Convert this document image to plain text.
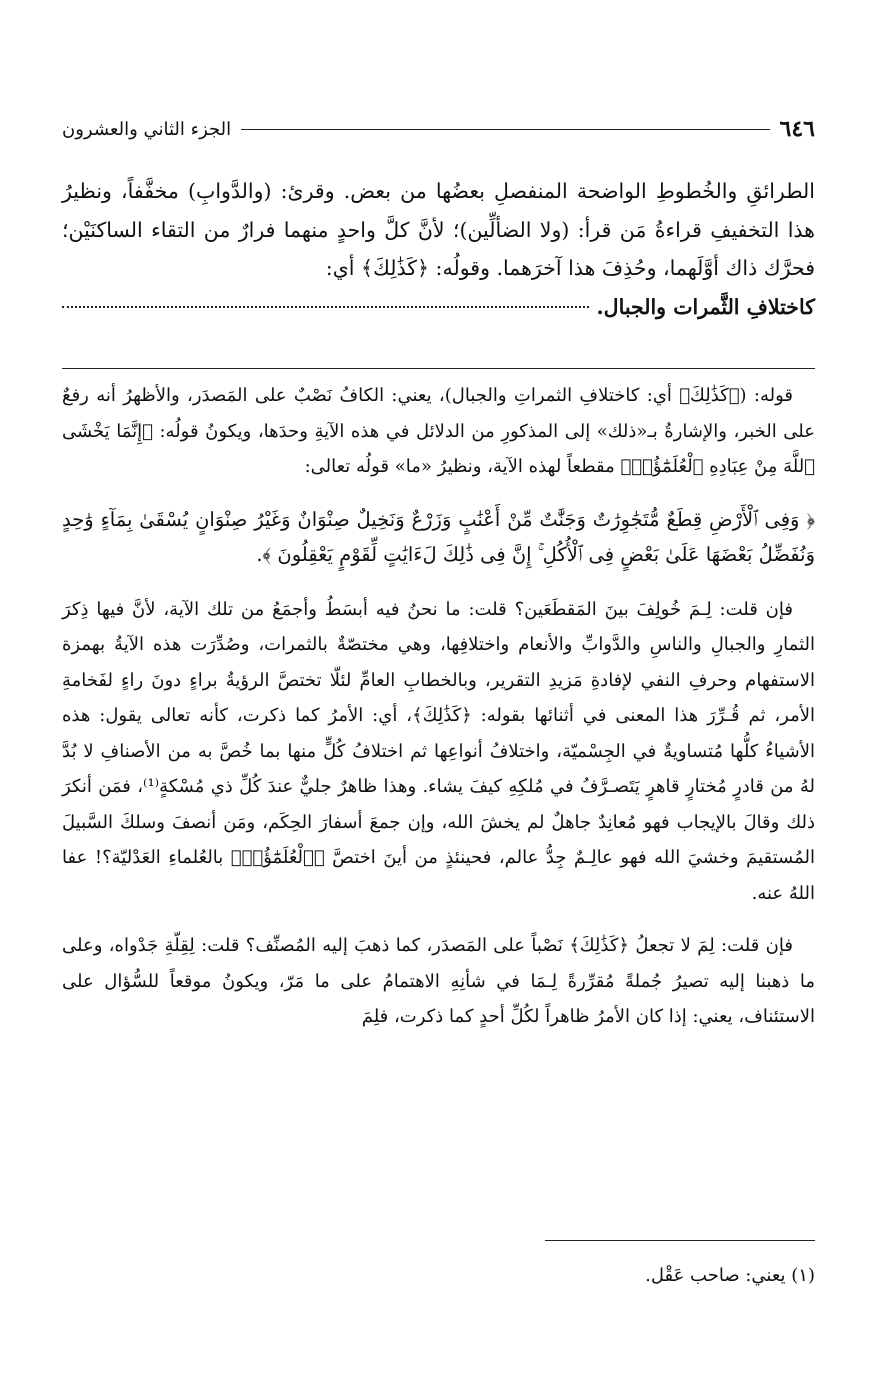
٦٤٦
الجزء الثاني والعشرون

الطرائقِ والخُطوطِ الواضحة المنفصلِ بعضُها من بعض. وقرئ: (والدَّوابِ) مخفَّفاً، ونظيرُ هذا التخفيفِ قراءةُ مَن قرأ: (ولا الضألِّين)؛ لأنَّ كلَّ واحدٍ منهما فرارٌ من التقاء الساكنَيْن؛ فحرَّك ذاك أوَّلَهما، وحُذِفَ هذا آخرَهما. وقولُه: ﴿كَذَٰلِكَ﴾ أي:

كاختلافِ الثَّمرات والجبال.

قوله: (﴿كَذَٰلِكَ﴾ أي: كاختلافِ الثمراتِ والجبال)، يعني: الكافُ نَصْبٌ على المَصدَر، والأظهرُ أنه رفعٌ على الخبر، والإشارةُ بـ«ذلك» إلى المذكورِ من الدلائل في هذه الآيةِ وحدَها، ويكونُ قولُه: ﴿إِنَّمَا يَخْشَى ٱللَّهَ مِنْ عِبَادِهِ ٱلْعُلَمَٰٓؤُا۟﴾ مقطعاً لهذه الآية، ونظيرُ «ما» قولُه تعالى:

﴿ وَفِى ٱلْأَرْضِ قِطَعٌ مُّتَجَٰوِرَٰتٌ وَجَنَّٰتٌ مِّنْ أَعْنَٰبٍ وَزَرْعٌ وَنَخِيلٌ صِنْوَانٌ وَغَيْرُ صِنْوَانٍ يُسْقَىٰ بِمَآءٍ وَٰحِدٍ وَنُفَضِّلُ بَعْضَهَا عَلَىٰ بَعْضٍ فِى ٱلْأُكُلِ ۚ إِنَّ فِى ذَٰلِكَ لَءَايَٰتٍ لِّقَوْمٍ يَعْقِلُونَ ﴾.

فإن قلت: لِـمَ خُولِفَ بينَ المَقطَعَين؟ قلت: ما نحنُ فيه أبسَطُ وأجمَعُ من تلك الآية، لأنَّ فيها ذِكرَ الثمارِ والجبالِ والناسِ والدَّوابِّ والأنعام واختلافِها، وهي مختصّةٌ بالثمرات، وصُدِّرَت هذه الآيةُ بهمزة الاستفهام وحرفِ النفي لإفادةِ مَزيدِ التقرير، وبالخطابِ العامِّ لئلّا تختصَّ الرؤيةُ براءٍ دونَ راءٍ لفَخامةِ الأمر، ثم قُـرِّرَ هذا المعنى في أثنائها بقوله: ﴿كَذَٰلِكَ﴾، أي: الأمرُ كما ذكرت، كأنه تعالى يقول: هذه الأشياءُ كلُّها مُتساويةٌ في الجِسْميّة، واختلافُ أنواعِها ثم اختلافُ كُلٍّ منها بما خُصَّ به من الأصنافِ لا بُدَّ لهُ من قادرٍ مُختارٍ قاهرٍ يَتَصـرَّفُ في مُلكِهِ كيفَ يشاء. وهذا ظاهرٌ جليٌّ عندَ كُلِّ ذي مُسْكةٍ⁽¹⁾، فمَن أنكرَ ذلك وقالَ بالإيجاب فهو مُعانِدٌ جاهلٌ لم يخشَ الله، وإن جمعَ أسفارَ الحِكَم، ومَن أنصفَ وسلكَ السَّبيلَ المُستقيمَ وخشيَ الله فهو عالِـمٌ جِدُّ عالم، فحينئذٍ من أينَ اختصَّ ﴿ٱلْعُلَمَٰٓؤُا۟﴾ بالعُلماءِ العَدْليّة؟! عفا اللهُ عنه.

فإن قلت: لِمَ لا تجعلُ ﴿كَذَٰلِكَ﴾ نَصْباً على المَصدَر، كما ذهبَ إليه المُصنِّف؟ قلت: لِقِلّةِ جَدْواه، وعلى ما ذهبنا إليه تصيرُ جُملةً مُقرِّرةً لِـمَا في شأنِهِ الاهتمامُ على ما مَرّ، ويكونُ موقعاً للسُّؤال على الاستئناف، يعني: إذا كان الأمرُ ظاهراً لكُلِّ أحدٍ كما ذكرت، فلِمَ

(١) يعني: صاحب عَقْل.
